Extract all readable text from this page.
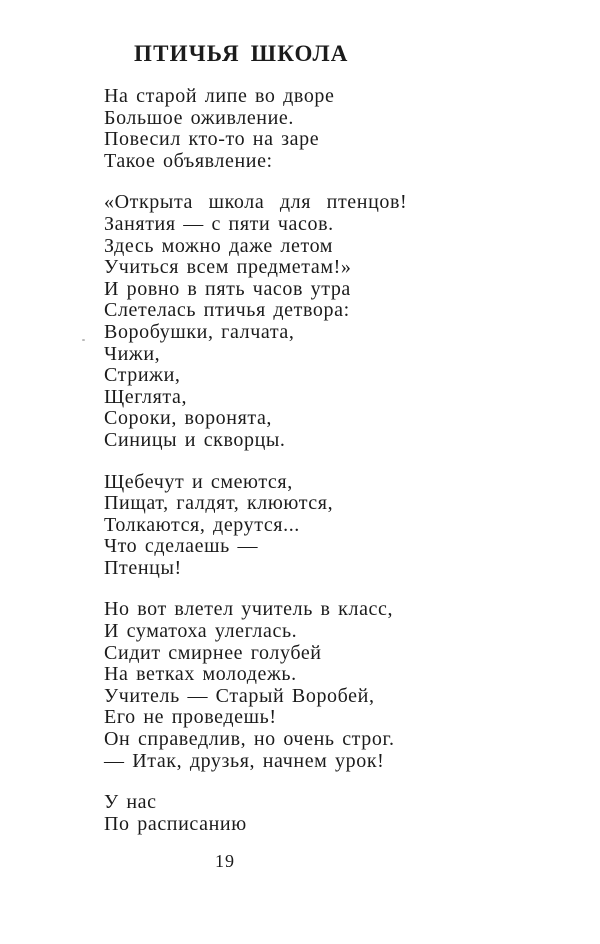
ПТИЧЬЯ ШКОЛА
На старой липе во дворе
Большое оживление.
Повесил кто-то на заре
Такое объявление:
«Открыта школа для птенцов!
Занятия — с пяти часов.
Здесь можно даже летом
Учиться всем предметам!»
И ровно в пять часов утра
Слетелась птичья детвора:
Воробушки, галчата,
Чижи,
Стрижи,
Щеглята,
Сороки, воронята,
Синицы и скворцы.
Щебечут и смеются,
Пищат, галдят, клюются,
Толкаются, дерутся...
Что сделаешь —
Птенцы!
Но вот влетел учитель в класс,
И суматоха улеглась.
Сидит смирнее голубей
На ветках молодежь.
Учитель — Старый Воробей,
Его не проведешь!
Он справедлив, но очень строг.
— Итак, друзья, начнем урок!
У нас
По расписанию
19
